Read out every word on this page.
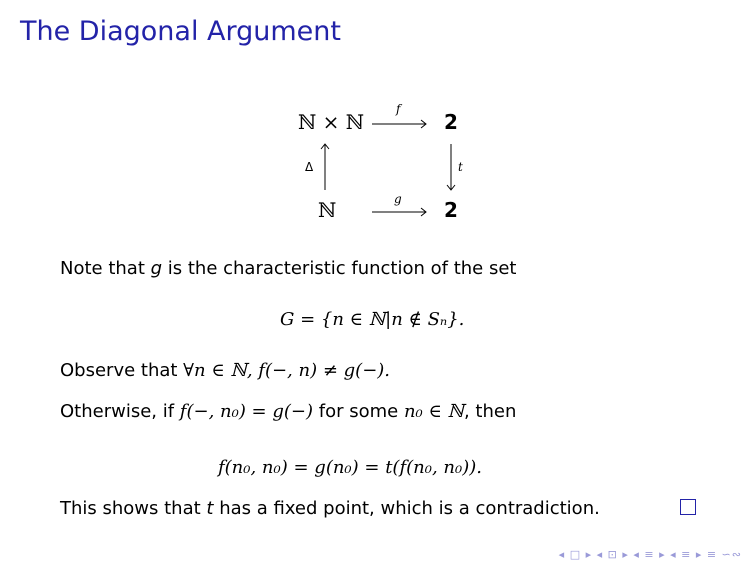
The Diagonal Argument
ℕ × ℕ	2
ℕ	2
f
g
Δ	t
Note that g is the characteristic function of the set
G = {n ∈ ℕ|n ∉ Sₙ}.
Observe that ∀n ∈ ℕ, f(−, n) ≠ g(−).
Otherwise, if f(−, n₀) = g(−) for some n₀ ∈ ℕ, then
f(n₀, n₀) = g(n₀) = t(f(n₀, n₀)).
This shows that t has a fixed point, which is a contradiction.
◂ □ ▸ ◂ ⊡ ▸ ◂ ≡ ▸ ◂ ≡ ▸ ≡ ∽∾
